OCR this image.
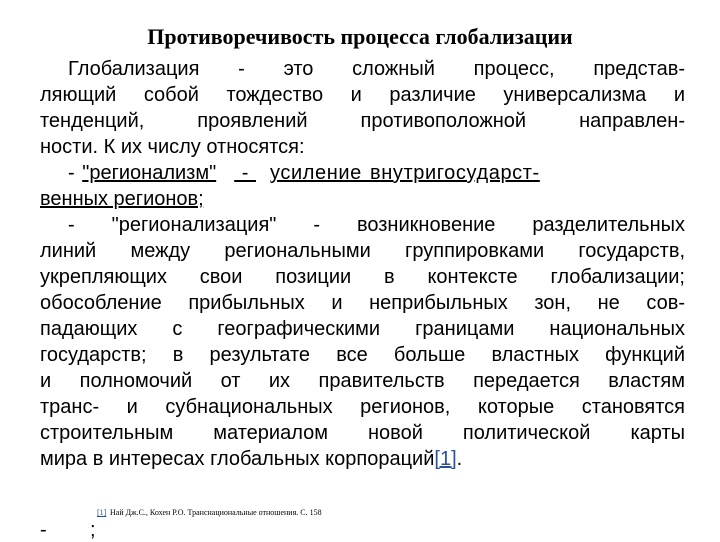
Противоречивость процесса глобализации
Глобализация - это сложный процесс, представ-
ляющий собой тождество и различие универсализма и
тенденций, проявлений противоположной направлен-
ности. К их числу относятся:
- "регионализм" - усиление внутригосударст-
венных регионов;
- "регионализация" - возникновение разделительных
линий между региональными группировками государств,
укрепляющих свои позиции в контексте глобализации;
обособление прибыльных и неприбыльных зон, не сов-
падающих с географическими границами национальных
государств; в результате все больше властных функций
и полномочий от их правительств передается властям
транс- и субнациональных регионов, которые становятся
строительным материалом новой политической карты
мира в интересах глобальных корпораций[1].
[1] Най Дж.С., Кохен Р.О. Транснациональные отношения. С. 158
- ;
